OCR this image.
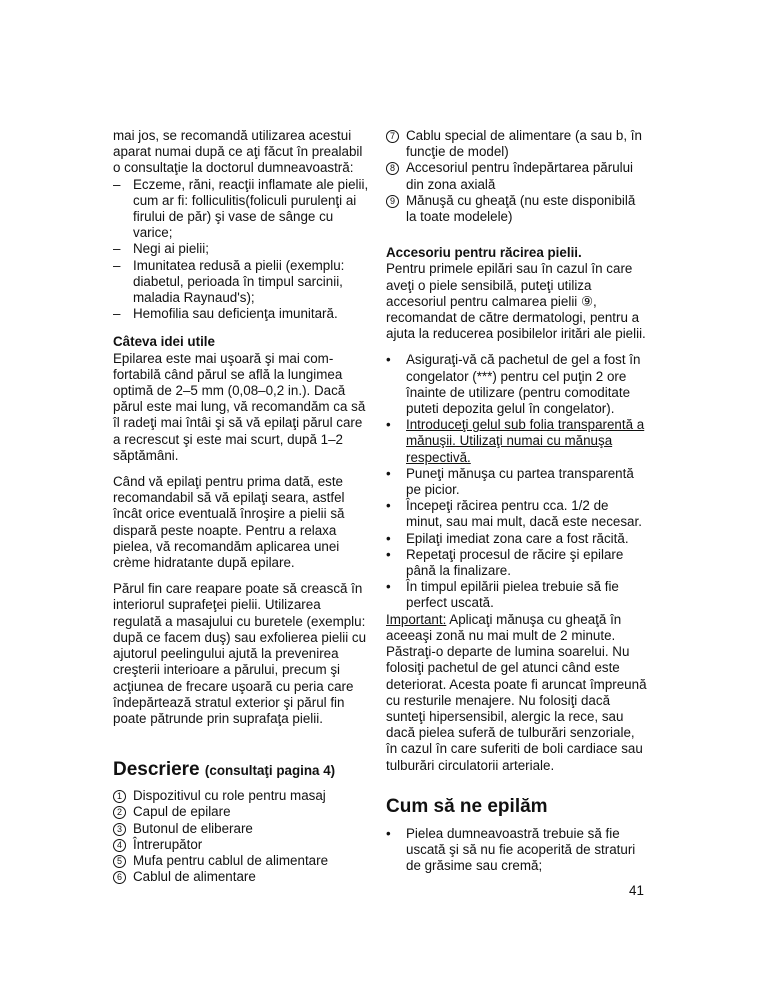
mai jos, se recomandă utilizarea acestui aparat numai după ce aţi făcut în prealabil o consultaţie la doctorul dumneavoastră:

– Eczeme, răni, reacţii inflamate ale pielii, cum ar fi: folliculitis(foliculi purulenţi ai firului de păr) şi vase de sânge cu varice;
– Negi ai pielii;
– Imunitatea redusă a pielii (exemplu: diabetul, perioada în timpul sarcinii, maladia Raynaud's);
– Hemofilia sau deficienţa imunitară.
Câteva idei utile

Epilarea este mai uşoară şi mai com-fortabilă când părul se află la lungimea optimă de 2–5 mm (0,08–0,2 in.). Dacă părul este mai lung, vă recomandăm ca să îl radeţi mai întâi şi să vă epilaţi părul care a recrescut şi este mai scurt, după 1–2 săptămâni.

Când vă epilaţi pentru prima dată, este recomandabil să vă epilaţi seara, astfel încât orice eventuală înroşire a pielii să dispară peste noapte. Pentru a relaxa pielea, vă recomandăm aplicarea unei crème hidratante după epilare.

Părul fin care reapare poate să crească în interiorul suprafeţei pielii. Utilizarea regulată a masajului cu buretele (exemplu: după ce facem duş) sau exfolierea pielii cu ajutorul peelingului ajută la prevenirea creşterii interioare a părului, precum şi acţiunea de frecare uşoară cu peria care îndepărtează stratul exterior şi părul fin poate pătrunde prin suprafaţa pielii.

Descriere (consultaţi pagina 4)
1 Dispozitivul cu role pentru masaj
2 Capul de epilare
3 Butonul de eliberare
4 Întrerupător
5 Mufa pentru cablul de alimentare
6 Cablul de alimentare
7 Cablu special de alimentare (a sau b, în funcţie de model)
8 Accesoriul pentru îndepărtarea părului din zona axială
9 Mănuşă cu gheaţă (nu este disponibilă la toate modelele)
Accesoriu pentru răcirea pielii.

Pentru primele epilări sau în cazul în care aveţi o piele sensibilă, puteţi utiliza accesoriul pentru calmarea pielii ⑨, recomandat de către dermatologi, pentru a ajuta la reducerea posibilelor iritări ale pielii.

• Asiguraţi-vă că pachetul de gel a fost în congelator (***) pentru cel puţin 2 ore înainte de utilizare (pentru comoditate puteti depozita gelul în congelator).
• Introduceţi gelul sub folia transparentă a mănuşii. Utilizaţi numai cu mănuşa respectivă.
• Puneţi mănuşa cu partea transparentă pe picior.
• Începeţi răcirea pentru cca. 1/2 de minut, sau mai mult, dacă este necesar.
• Epilaţi imediat zona care a fost răcită.
• Repetaţi procesul de răcire şi epilare până la finalizare.
• În timpul epilării pielea trebuie să fie perfect uscată.

Important: Aplicaţi mănuşa cu gheaţă în aceeaşi zonă nu mai mult de 2 minute. Păstraţi-o departe de lumina soarelui. Nu folosiţi pachetul de gel atunci când este deteriorat. Acesta poate fi aruncat împreună cu resturile menajere. Nu folosiţi dacă sunteţi hipersensibil, alergic la rece, sau dacă pielea suferă de tulburări senzoriale, în cazul în care suferiti de boli cardiace sau tulburări circulatorii arteriale.

Cum să ne epilăm
• Pielea dumneavoastră trebuie să fie uscată şi să nu fie acoperită de straturi de grăsime sau cremă;
41
